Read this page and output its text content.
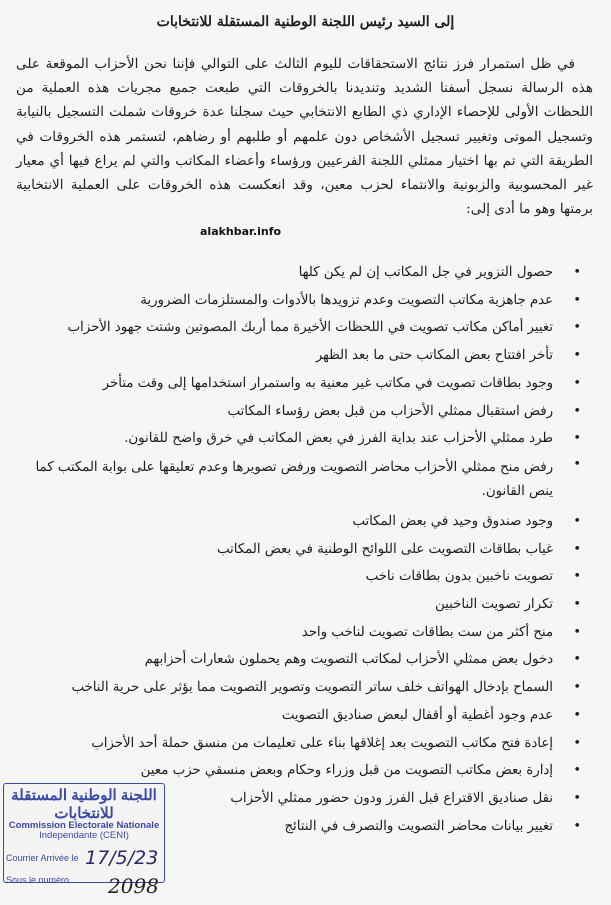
إلى السيد رئيس اللجنة الوطنية المستقلة للانتخابات

في ظل استمرار فرز نتائج الاستحقاقات لليوم الثالث على التوالي فإننا نحن الأحزاب الموقعة على هذه الرسالة نسجل أسفنا الشديد وتنديدنا بالخروقات التي طبعت جميع مجريات هذه العملية من اللحظات الأولى للإحصاء الإداري ذي الطابع الانتخابي حيث سجلنا عدة خروقات شملت التسجيل بالنيابة وتسجيل الموتى وتغيير تسجيل الأشخاص دون علمهم أو طلبهم أو رضاهم، لتستمر هذه الخروقات في الطريقة التي تم بها اختيار ممثلي اللجنة الفرعيين ورؤساء وأعضاء المكاتب والتي لم يراع فيها أي معيار غير المحسوبية والزبونية والانتماء لحزب معين، وقد انعكست هذه الخروقات على العملية الانتخابية برمتها وهو ما أدى إلى:

alakhbar.info
• حصول التزوير في جل المكاتب إن لم يكن كلها
• عدم جاهزية مكاتب التصويت وعدم تزويدها بالأدوات والمستلزمات الضرورية
• تغيير أماكن مكاتب تصويت في اللحظات الأخيرة مما أربك المصوتين وشتت جهود الأحزاب
• تأخر افتتاح بعض المكاتب حتى ما بعد الظهر
• وجود بطاقات تصويت في مكاتب غير معنية به واستمرار استخدامها إلى وقت متأخر
• رفض استقبال ممثلي الأحزاب من قبل بعض رؤساء المكاتب
• طرد ممثلي الأحزاب عند بداية الفرز في بعض المكاتب في خرق واضح للقانون.
• رفض منح ممثلي الأحزاب محاضر التصويت ورفض تصويرها وعدم تعليقها على بوابة المكتب كما ينص القانون.
• وجود صندوق وحيد في بعض المكاتب
• غياب بطاقات التصويت على اللوائح الوطنية في بعض المكاتب
• تصويت ناخبين بدون بطاقات ناخب
• تكرار تصويت الناخبين
• منح أكثر من ست بطاقات تصويت لناخب واحد
• دخول بعض ممثلي الأحزاب لمكاتب التصويت وهم يحملون شعارات أحزابهم
• السماح بإدخال الهواتف خلف ساتر التصويت وتصوير التصويت مما يؤثر على حرية الناخب
• عدم وجود أغطية أو أقفال لبعض صناديق التصويت
• إعادة فتح مكاتب التصويت بعد إغلاقها بناء على تعليمات من منسق حملة أحد الأحزاب
• إدارة بعض مكاتب التصويت من قبل وزراء وحكام وبعض منسقي حزب معين
• نقل صناديق الاقتراع قبل الفرز ودون حضور ممثلي الأحزاب
• تغيير بيانات محاضر التصويت والتصرف في النتائج
اللجنة الوطنية المستقلة للانتخابات
Commission Electorale Nationale
Independante (CENI)
Courrier Arrivée le 17/5/23
Sous le numéro	2098
